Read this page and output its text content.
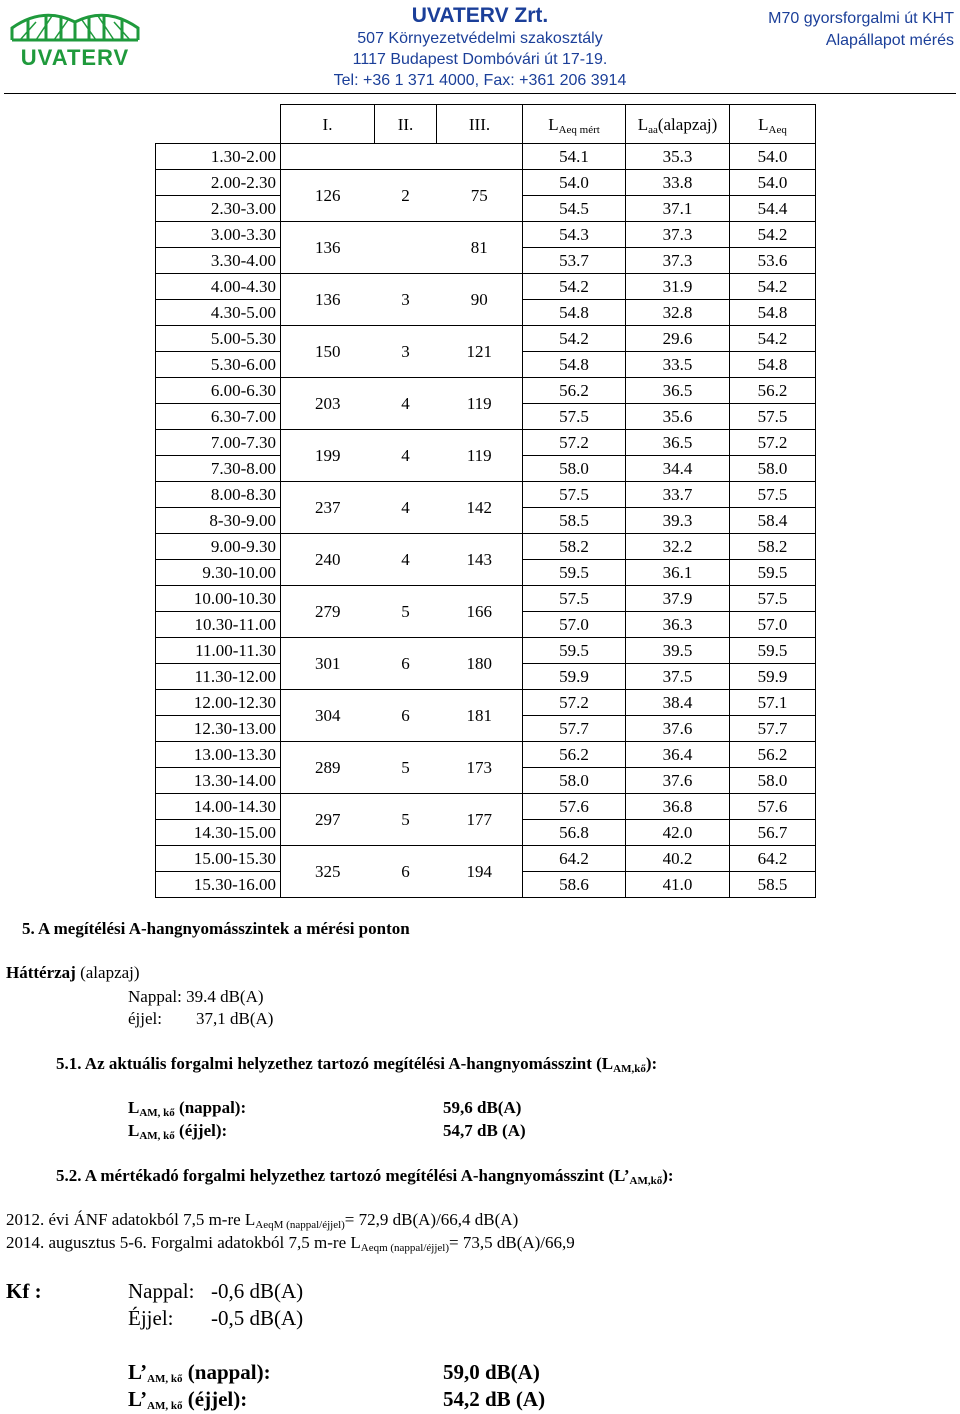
UVATERV
UVATERV Zrt.
507 Környezetvédelmi szakosztály
1117 Budapest Dombóvári út 17-19.
Tel: +36 1 371 4000, Fax: +361 206 3914
M70 gyorsforgalmi út KHT
Alapállapot mérés
	I.	II.	III.	$L_{Aeq mért}$	$L_{aa}(alapzaj)$	$L_{Aeq}$
1.30-2.00				54.1	35.3	54.0
2.00-2.30	126	2	75	54.0	33.8	54.0
2.30-3.00				54.5	37.1	54.4
3.00-3.30	136		81	54.3	37.3	54.2
3.30-4.00				53.7	37.3	53.6
4.00-4.30	136	3	90	54.2	31.9	54.2
4.30-5.00				54.8	32.8	54.8
5.00-5.30	150	3	121	54.2	29.6	54.2
5.30-6.00				54.8	33.5	54.8
6.00-6.30	203	4	119	56.2	36.5	56.2
6.30-7.00				57.5	35.6	57.5
7.00-7.30	199	4	119	57.2	36.5	57.2
7.30-8.00				58.0	34.4	58.0
8.00-8.30	237	4	142	57.5	33.7	57.5
8-30-9.00				58.5	39.3	58.4
9.00-9.30	240	4	143	58.2	32.2	58.2
9.30-10.00				59.5	36.1	59.5
10.00-10.30	279	5	166	57.5	37.9	57.5
10.30-11.00				57.0	36.3	57.0
11.00-11.30	301	6	180	59.5	39.5	59.5
11.30-12.00				59.9	37.5	59.9
12.00-12.30	304	6	181	57.2	38.4	57.1
12.30-13.00				57.7	37.6	57.7
13.00-13.30	289	5	173	56.2	36.4	56.2
13.30-14.00				58.0	37.6	58.0
14.00-14.30	297	5	177	57.6	36.8	57.6
14.30-15.00				56.8	42.0	56.7
15.00-15.30	325	6	194	64.2	40.2	64.2
15.30-16.00				58.6	41.0	58.5
5. A megítélési A-hangnyomásszintek a mérési ponton
Háttérzaj (alapzaj)
Nappal: 39.4 dB(A)
éjjel: 37,1 dB(A)
5.1. Az aktuális forgalmi helyzethez tartozó megítélési A-hangnyomásszint $(L_{AM,kő})$:
$L_{AM, kő}$ (nappal):	59,6 dB(A)
$L_{AM, kő}$ (éjjel):	54,7 dB (A)
5.2. A mértékadó forgalmi helyzethez tartozó megítélési A-hangnyomásszint $(L’_{AM,kő})$:
2012. évi ÁNF adatokból 7,5 m-re $L_{AeqM (nappal/éjjel)}= 72,9$ dB(A)/66,4 dB(A)
2014. augusztus 5-6. Forgalmi adatokból 7,5 m-re $L_{Aeqm (nappal/éjjel)}= 73,5$ dB(A)/66,9
Kf :	Nappal: -0,6 dB(A)
Éjjel: -0,5 dB(A)
$L’_{AM, kő}$ (nappal):	59,0 dB(A)
$L’_{AM, kő}$ (éjjel):	54,2 dB (A)
